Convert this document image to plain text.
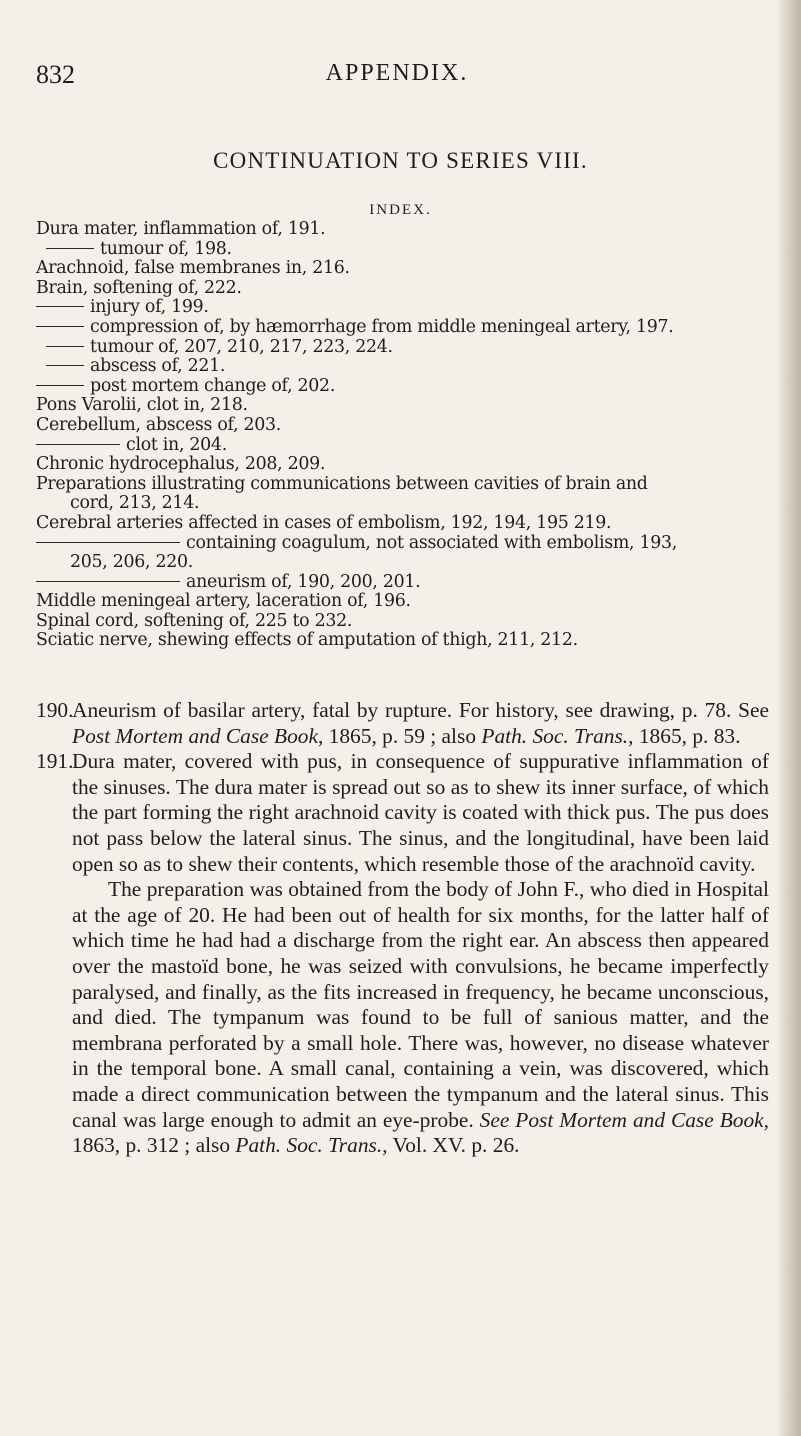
832	APPENDIX.
CONTINUATION TO SERIES VIII.
INDEX.
Dura mater, inflammation of, 191.
tumour of, 198.
Arachnoid, false membranes in, 216.
Brain, softening of, 222.
injury of, 199.
compression of, by hæmorrhage from middle meningeal artery, 197.
tumour of, 207, 210, 217, 223, 224.
abscess of, 221.
post mortem change of, 202.
Pons Varolii, clot in, 218.
Cerebellum, abscess of, 203.
clot in, 204.
Chronic hydrocephalus, 208, 209.
Preparations illustrating communications between cavities of brain and
cord, 213, 214.
Cerebral arteries affected in cases of embolism, 192, 194, 195 219.
containing coagulum, not associated with embolism, 193,
205, 206, 220.
aneurism of, 190, 200, 201.
Middle meningeal artery, laceration of, 196.
Spinal cord, softening of, 225 to 232.
Sciatic nerve, shewing effects of amputation of thigh, 211, 212.

190.
Aneurism of basilar artery, fatal by rupture. For history, see drawing, p. 78. See Post Mortem and Case Book, 1865, p. 59 ; also Path. Soc. Trans., 1865, p. 83.

191.
Dura mater, covered with pus, in consequence of suppurative inflammation of the sinuses. The dura mater is spread out so as to shew its inner surface, of which the part forming the right arachnoid cavity is coated with thick pus. The pus does not pass below the lateral sinus. The sinus, and the longitudinal, have been laid open so as to shew their contents, which resemble those of the arachnoïd cavity.

The preparation was obtained from the body of John F., who died in Hospital at the age of 20. He had been out of health for six months, for the latter half of which time he had had a discharge from the right ear. An abscess then appeared over the mastoïd bone, he was seized with convulsions, he became imperfectly paralysed, and finally, as the fits increased in frequency, he became unconscious, and died. The tympanum was found to be full of sanious matter, and the membrana perforated by a small hole. There was, however, no disease whatever in the temporal bone. A small canal, containing a vein, was discovered, which made a direct communication between the tympanum and the lateral sinus. This canal was large enough to admit an eye-probe. See Post Mortem and Case Book, 1863, p. 312 ; also Path. Soc. Trans., Vol. XV. p. 26.
